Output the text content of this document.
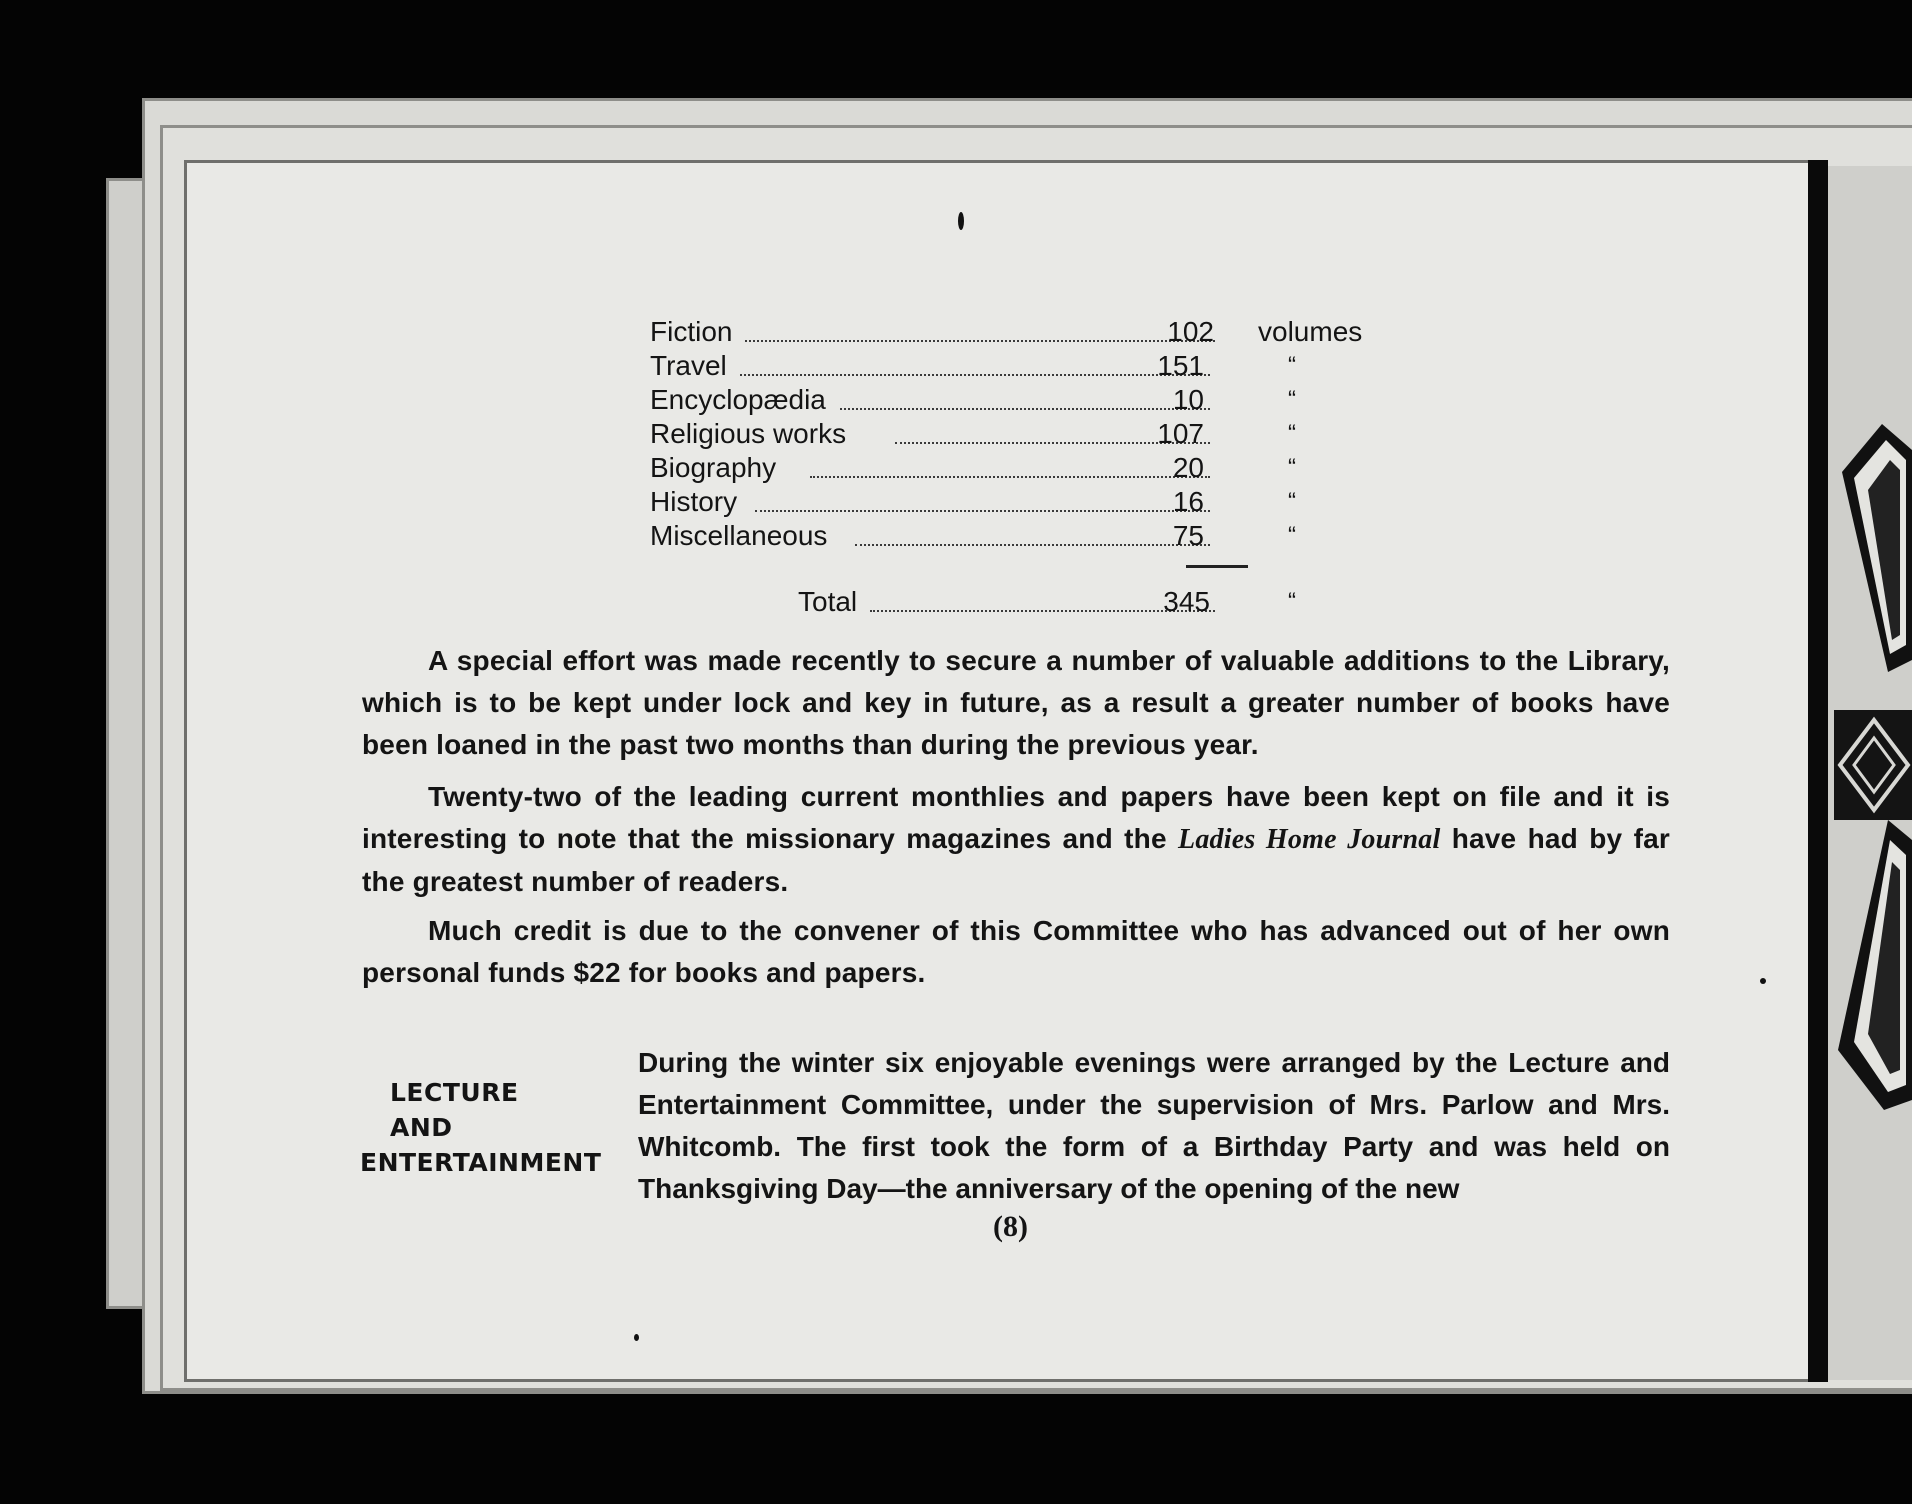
Fiction	102 volumes
Travel	151	“
Encyclopædia	10	“
Religious works	107	“
Biography	20	“
History	16	“
Miscellaneous	75	“
Total	345	“
A special effort was made recently to secure a number of valuable additions to the Library, which is to be kept under lock and key in future, as a result a greater number of books have been loaned in the past two months than during the previous year.
Twenty-two of the leading current monthlies and papers have been kept on file and it is interesting to note that the missionary magazines and the Ladies Home Journal have had by far the greatest number of readers.
Much credit is due to the convener of this Committee who has advanced out of her own personal funds $22 for books and papers.
LECTURE
AND
ENTERTAINMENT
During the winter six enjoyable evenings were arranged by the Lecture and Entertainment Committee, under the supervision of Mrs. Parlow and Mrs. Whitcomb. The first took the form of a Birthday Party and was held on Thanksgiving Day—the anniversary of the opening of the new
(8)
